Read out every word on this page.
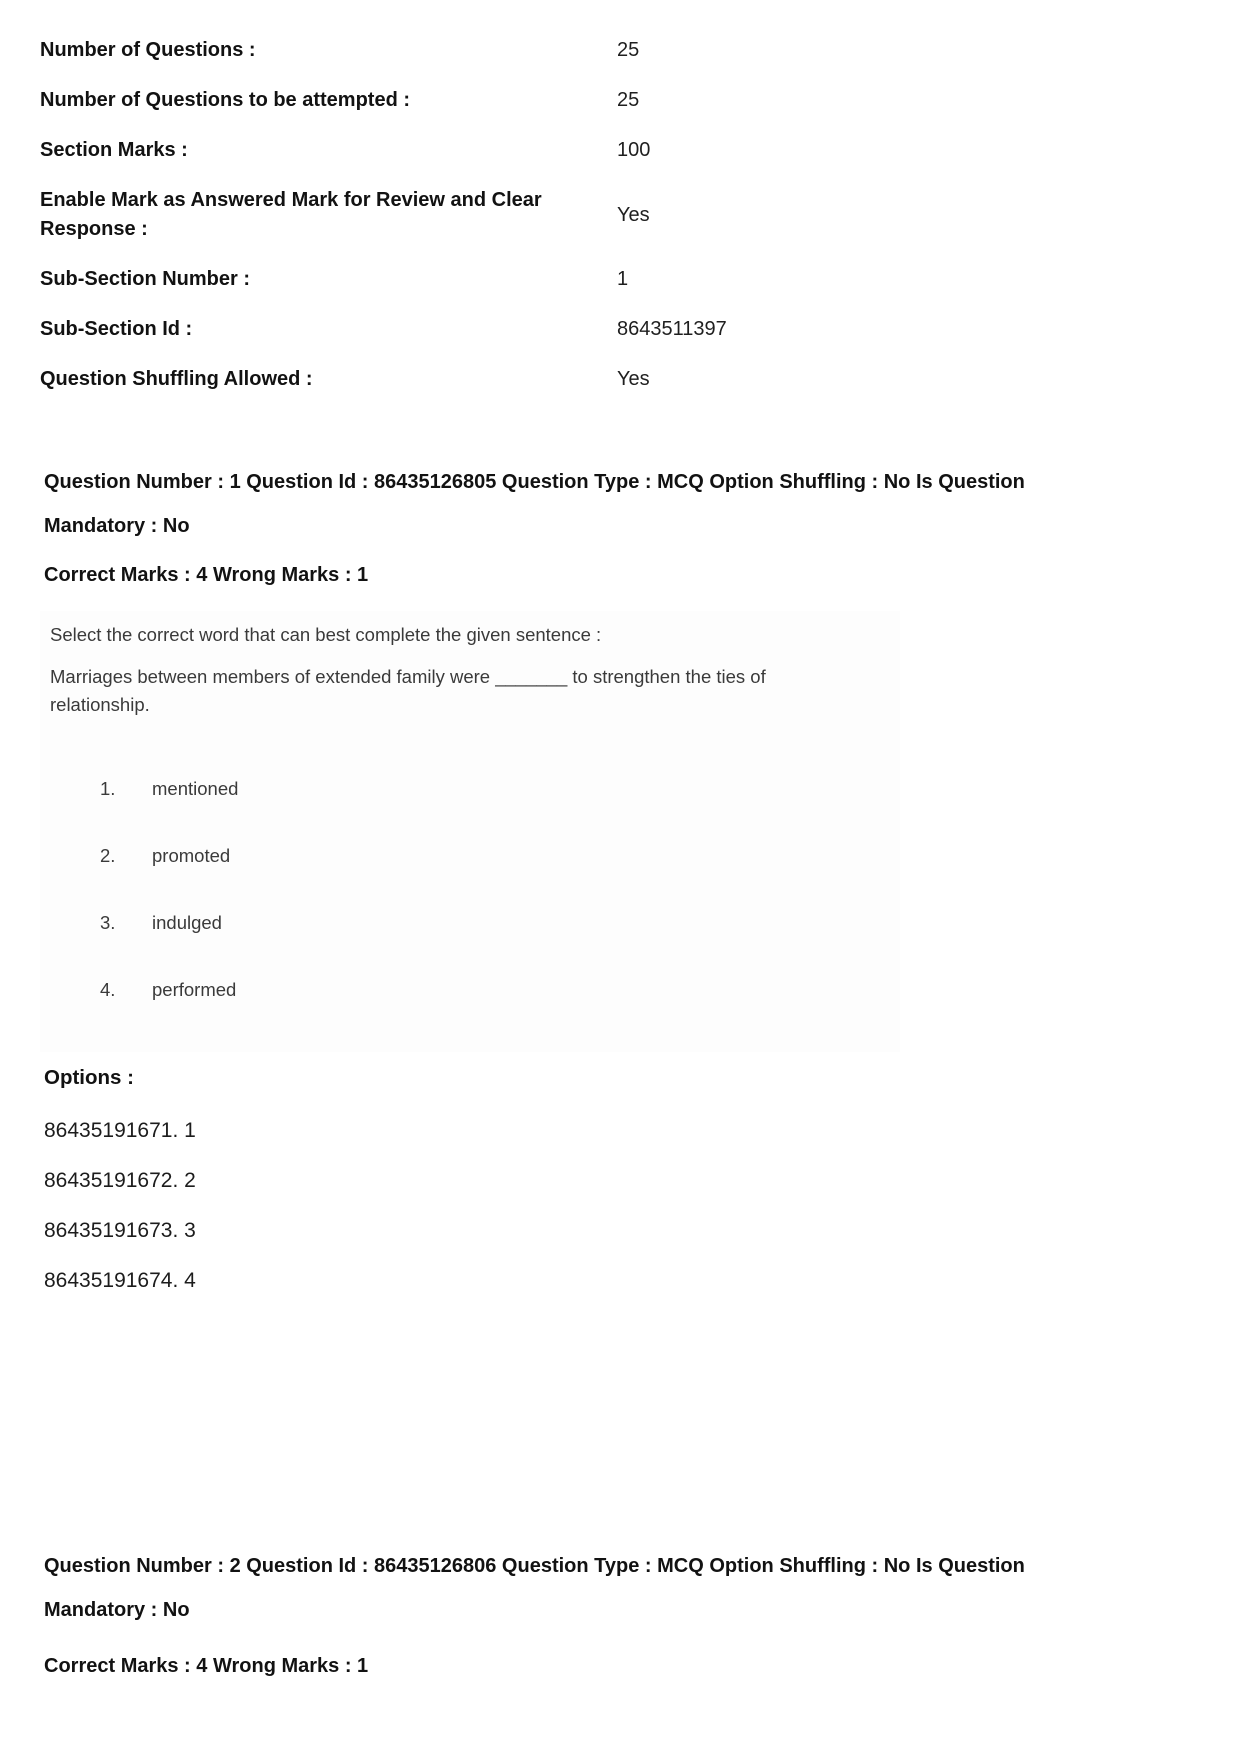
Number of Questions :	25
Number of Questions to be attempted :	25
Section Marks :	100
Enable Mark as Answered Mark for Review and Clear Response :
Yes
Sub-Section Number :	1
Sub-Section Id :	8643511397
Question Shuffling Allowed :	Yes

Question Number : 1 Question Id : 86435126805 Question Type : MCQ Option Shuffling : No Is Question Mandatory : No

Correct Marks : 4 Wrong Marks : 1

Select the correct word that can best complete the given sentence :

Marriages between members of extended family were _______ to strengthen the ties of relationship.

1.	mentioned
2.	promoted
3.	indulged
4.	performed

Options :

86435191671. 1

86435191672. 2

86435191673. 3

86435191674. 4

Question Number : 2 Question Id : 86435126806 Question Type : MCQ Option Shuffling : No Is Question Mandatory : No

Correct Marks : 4 Wrong Marks : 1
